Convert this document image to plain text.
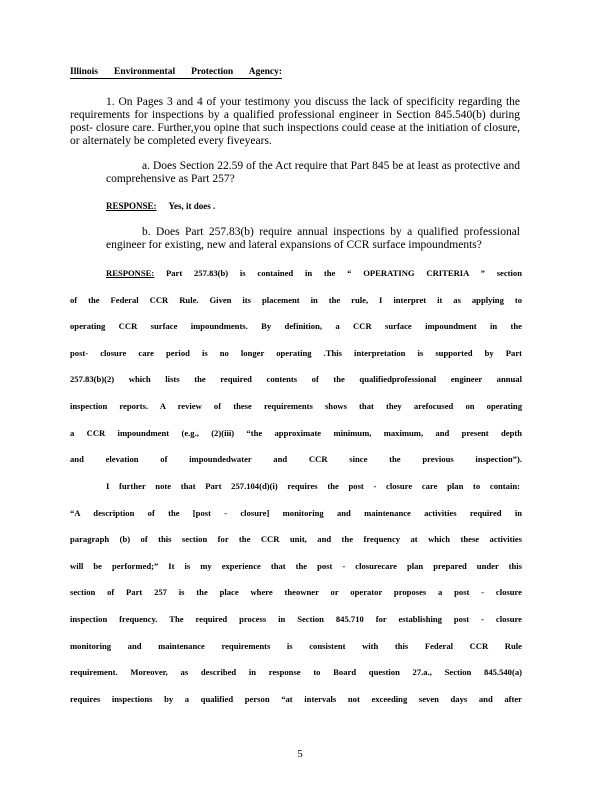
Illinois Environmental Protection Agency:
1. On Pages 3 and 4 of your testimony you discuss the lack of specificity regarding the requirements for inspections by a qualified professional engineer in Section 845.540(b) during post- closure care. Further,you opine that such inspections could cease at the initiation of closure, or alternately be completed every fiveyears.
a. Does Section 22.59 of the Act require that Part 845 be at least as protective and comprehensive as Part 257?
RESPONSE: Yes, it does .
b. Does Part 257.83(b) require annual inspections by a qualified professional engineer for existing, new and lateral expansions of CCR surface impoundments?
RESPONSE: Part 257.83(b) is contained in the “ OPERATING CRITERIA ” section
of the Federal CCR Rule. Given its placement in the rule, I interpret it as applying to
operating CCR surface impoundments. By definition, a CCR surface impoundment in the
post- closure care period is no longer operating .This interpretation is supported by Part
257.83(b)(2) which lists the required contents of the qualifiedprofessional engineer annual
inspection reports. A review of these requirements shows that they arefocused on operating
a CCR impoundment (e.g., (2)(iii) “the approximate minimum, maximum, and present depth
and elevation of impoundedwater and CCR since the previous inspection”).
I further note that Part 257.104(d)(i) requires the post - closure care plan to contain:
“A description of the [post - closure] monitoring and maintenance activities required in
paragraph (b) of this section for the CCR unit, and the frequency at which these activities
will be performed;” It is my experience that the post - closurecare plan prepared under this
section of Part 257 is the place where theowner or operator proposes a post - closure
inspection frequency. The required process in Section 845.710 for establishing post - closure
monitoring and maintenance requirements is consistent with this Federal CCR Rule
requirement. Moreover, as described in response to Board question 27.a., Section 845.540(a)
requires inspections by a qualified person “at intervals not exceeding seven days and after
5
